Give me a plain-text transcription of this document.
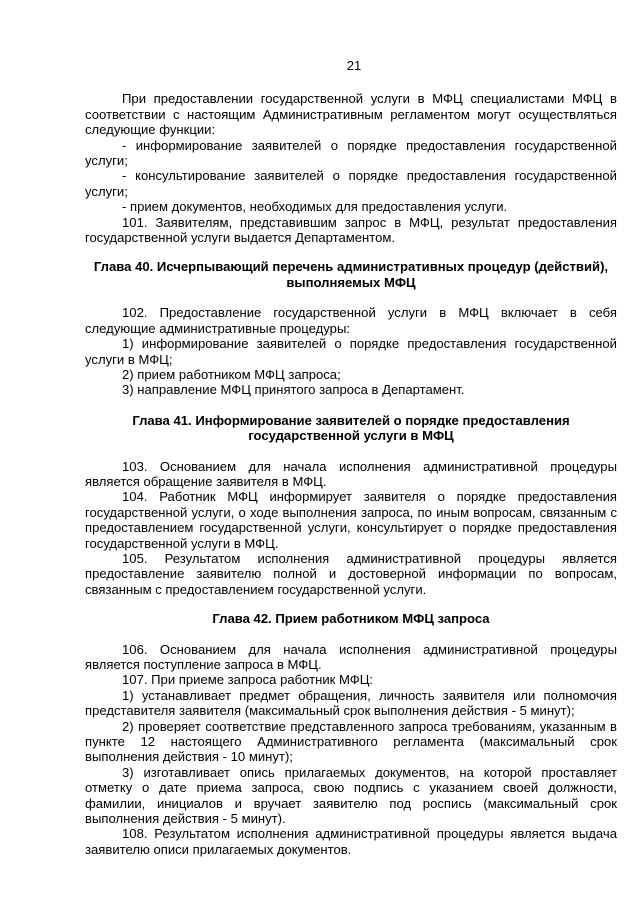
21

При предоставлении государственной услуги в МФЦ специалистами МФЦ в соответствии с настоящим Административным регламентом могут осуществляться следующие функции:

- информирование заявителей о порядке предоставления государственной услуги;

- консультирование заявителей о порядке предоставления государственной услуги;

- прием документов, необходимых для предоставления услуги.

101. Заявителям, представившим запрос в МФЦ, результат предоставления государственной услуги выдается Департаментом.

Глава 40. Исчерпывающий перечень административных процедур (действий),
выполняемых МФЦ

102. Предоставление государственной услуги в МФЦ включает в себя следующие административные процедуры:

1) информирование заявителей о порядке предоставления государственной услуги в МФЦ;

2) прием работником МФЦ запроса;

3) направление МФЦ принятого запроса в Департамент.

Глава 41. Информирование заявителей о порядке предоставления
государственной услуги в МФЦ

103. Основанием для начала исполнения административной процедуры является обращение заявителя в МФЦ.

104. Работник МФЦ информирует заявителя о порядке предоставления государственной услуги, о ходе выполнения запроса, по иным вопросам, связанным с предоставлением государственной услуги, консультирует о порядке предоставления государственной услуги в МФЦ.

105. Результатом исполнения административной процедуры является предоставление заявителю полной и достоверной информации по вопросам, связанным с предоставлением государственной услуги.

Глава 42. Прием работником МФЦ запроса

106. Основанием для начала исполнения административной процедуры является поступление запроса в МФЦ.

107. При приеме запроса работник МФЦ:

1) устанавливает предмет обращения, личность заявителя или полномочия представителя заявителя (максимальный срок выполнения действия - 5 минут);

2) проверяет соответствие представленного запроса требованиям, указанным в пункте 12 настоящего Административного регламента (максимальный срок выполнения действия - 10 минут);

3) изготавливает опись прилагаемых документов, на которой проставляет отметку о дате приема запроса, свою подпись с указанием своей должности, фамилии, инициалов и вручает заявителю под роспись (максимальный срок выполнения действия - 5 минут).

108. Результатом исполнения административной процедуры является выдача заявителю описи прилагаемых документов.
